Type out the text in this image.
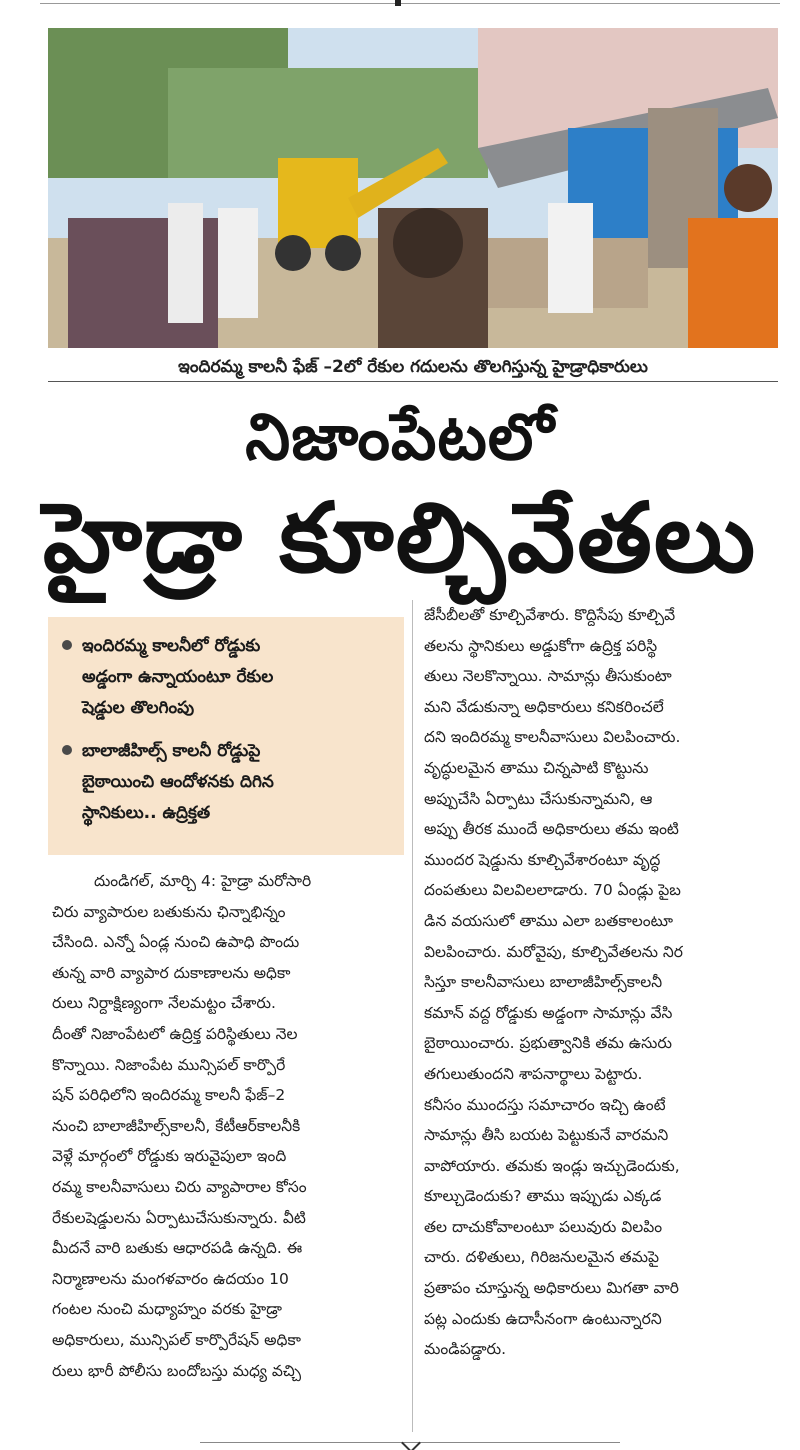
ఇందిరమ్మ కాలనీ ఫేజ్ –2లో రేకుల గదులను తొలగిస్తున్న హైడ్రాధికారులు
నిజాంపేటలో
హైడ్రా కూల్చివేతలు
ఇందిరమ్మ కాలనీలో రోడ్డుకు
అడ్డంగా ఉన్నాయంటూ రేకుల
షెడ్డుల తొలగింపు
బాలాజీహిల్స్ కాలనీ రోడ్డుపై
బైఠాయించి ఆందోళనకు దిగిన
స్థానికులు.. ఉద్రిక్తత
దుండిగల్, మార్చి 4: హైడ్రా మరోసారి
చిరు వ్యాపారుల బతుకును ఛిన్నాభిన్నం
చేసింది. ఎన్నో ఏండ్ల నుంచి ఉపాధి పొందు
తున్న వారి వ్యాపార దుకాణాలను అధికా
రులు నిర్దాక్షిణ్యంగా నేలమట్టం చేశారు.
దీంతో నిజాంపేటలో ఉద్రిక్త పరిస్థితులు నెల
కొన్నాయి. నిజాంపేట మున్సిపల్ కార్పొరే
షన్ పరిధిలోని ఇందిరమ్మ కాలనీ ఫేజ్–2
నుంచి బాలాజీహిల్స్‌కాలనీ, కేటీఆర్‌కాలనీకి
వెళ్లే మార్గంలో రోడ్డుకు ఇరువైపులా ఇంది
రమ్మ కాలనీవాసులు చిరు వ్యాపారాల కోసం
రేకులషెడ్డులను ఏర్పాటుచేసుకున్నారు. వీటి
మీదనే వారి బతుకు ఆధారపడి ఉన్నది. ఈ
నిర్మాణాలను మంగళవారం ఉదయం 10
గంటల నుంచి మధ్యాహ్నం వరకు హైడ్రా
అధికారులు, మున్సిపల్ కార్పొరేషన్ అధికా
రులు భారీ పోలీసు బందోబస్తు మధ్య వచ్చి
జేసీబీలతో కూల్చివేశారు. కొద్దిసేపు కూల్చివే
తలను స్థానికులు అడ్డుకోగా ఉద్రిక్త పరిస్థి
తులు నెలకొన్నాయి. సామాన్లు తీసుకుంటా
మని వేడుకున్నా అధికారులు కనికరించలే
దని ఇందిరమ్మ కాలనీవాసులు విలపించారు.
వృద్ధులమైన తాము చిన్నపాటి కొట్టును
అప్పుచేసి ఏర్పాటు చేసుకున్నామని, ఆ
అప్పు తీరక ముందే అధికారులు తమ ఇంటి
ముందర షెడ్డును కూల్చివేశారంటూ వృద్ధ
దంపతులు విలవిలలాడారు. 70 ఏండ్లు పైబ
డిన వయసులో తాము ఎలా బతకాలంటూ
విలపించారు. మరోవైపు, కూల్చివేతలను నిర
సిస్తూ కాలనీవాసులు బాలాజీహిల్స్‌కాలనీ
కమాన్ వద్ద రోడ్డుకు అడ్డంగా సామాన్లు వేసి
బైఠాయించారు. ప్రభుత్వానికి తమ ఉసురు
తగులుతుందని శాపనార్థాలు పెట్టారు.
కనీసం ముందస్తు సమాచారం ఇచ్చి ఉంటే
సామాన్లు తీసి బయట పెట్టుకునే వారమని
వాపోయారు. తమకు ఇండ్లు ఇచ్చుడెందుకు,
కూల్చుడెందుకు? తాము ఇప్పుడు ఎక్కడ
తల దాచుకోవాలంటూ పలువురు విలపిం
చారు. దళితులు, గిరిజనులమైన తమపై
ప్రతాపం చూస్తున్న అధికారులు మిగతా వారి
పట్ల ఎందుకు ఉదాసీనంగా ఉంటున్నారని
మండిపడ్డారు.
